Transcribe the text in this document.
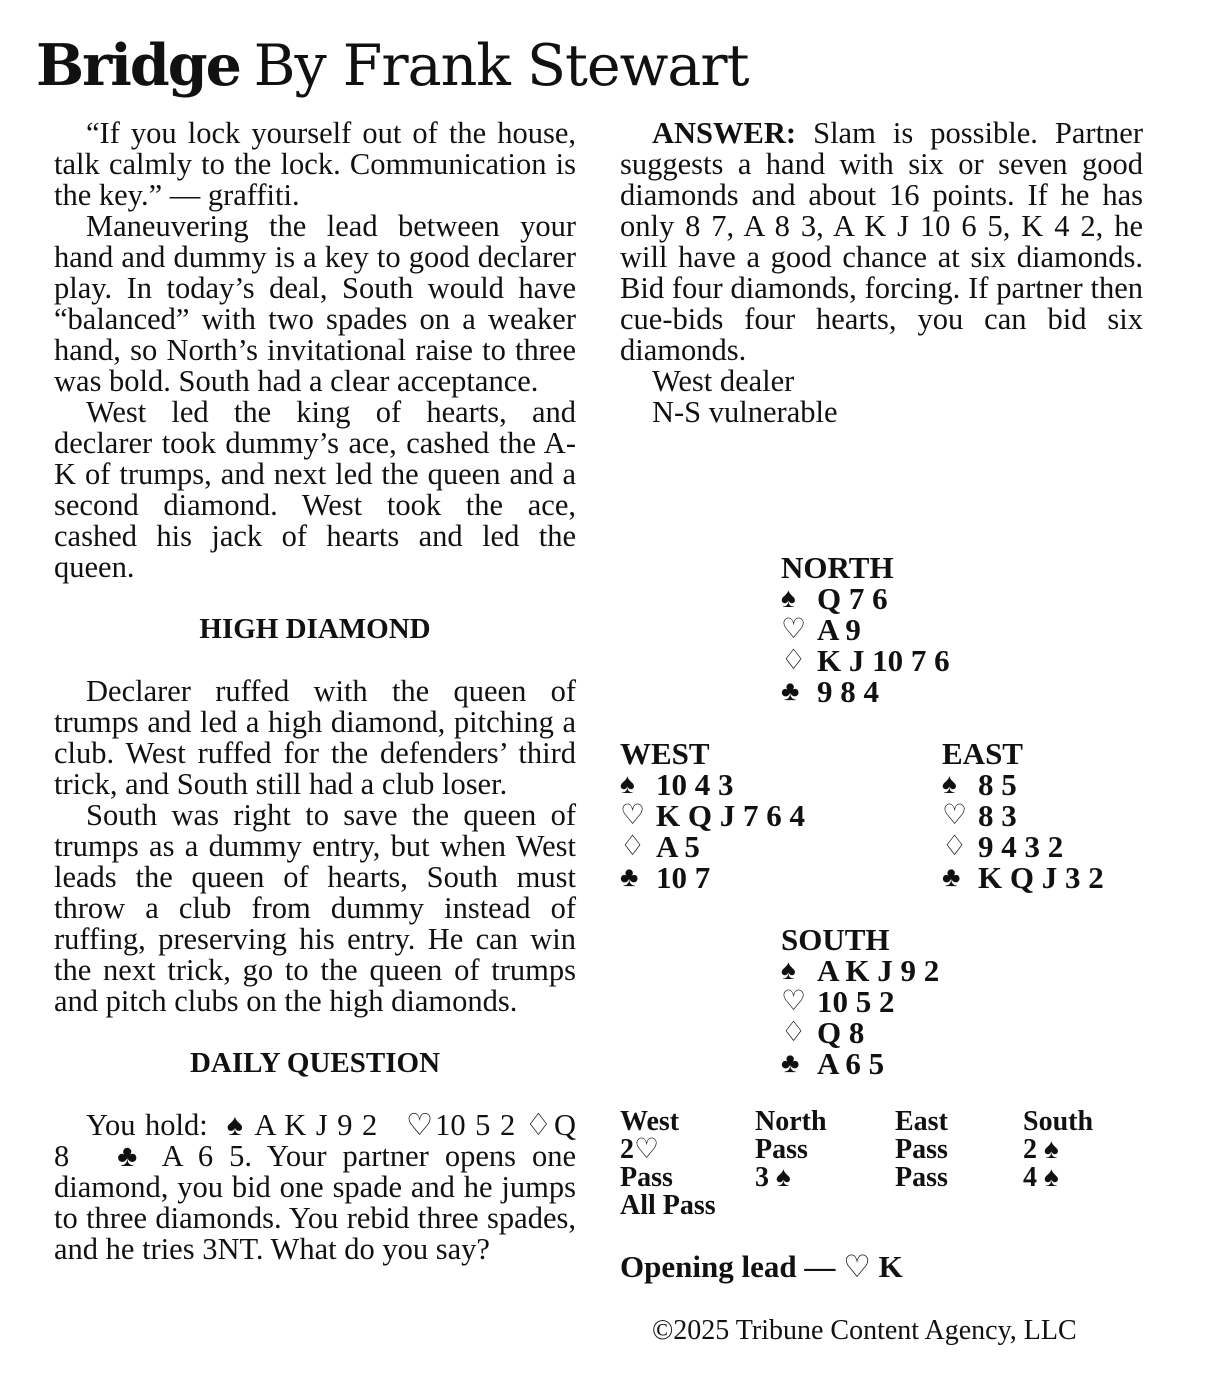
Bridge By Frank Stewart

“If you lock yourself out of the house, talk calmly to the lock. Communication is the key.” — graffiti.

Maneuvering the lead between your hand and dummy is a key to good declarer play. In today’s deal, South would have “balanced” with two spades on a weaker hand, so North’s invitational raise to three was bold. South had a clear acceptance.

West led the king of hearts, and declarer took dummy’s ace, cashed the A-K of trumps, and next led the queen and a second diamond. West took the ace, cashed his jack of hearts and led the queen.

HIGH DIAMOND

Declarer ruffed with the queen of trumps and led a high diamond, pitching a club. West ruffed for the defenders’ third trick, and South still had a club loser.

South was right to save the queen of trumps as a dummy entry, but when West leads the queen of hearts, South must throw a club from dummy instead of ruffing, preserving his entry. He can win the next trick, go to the queen of trumps and pitch clubs on the high diamonds.

DAILY QUESTION

You hold: ♠ A K J 9 2 ♡10 5 2 ♢Q 8 ♣ A 6 5. Your partner opens one diamond, you bid one spade and he jumps to three diamonds. You rebid three spades, and he tries 3NT. What do you say?

ANSWER: Slam is possible. Partner suggests a hand with six or seven good diamonds and about 16 points. If he has only 8 7, A 8 3, A K J 10 6 5, K 4 2, he will have a good chance at six diamonds. Bid four diamonds, forcing. If partner then cue-bids four hearts, you can bid six diamonds.

West dealer

N-S vulnerable

NORTH
♠ Q 7 6
♡ A 9
♢ K J 10 7 6
♣ 9 8 4
WEST
♠ 10 4 3
♡ K Q J 7 6 4
♢ A 5
♣ 10 7
EAST
♠ 8 5
♡ 8 3
♢ 9 4 3 2
♣ K Q J 3 2
SOUTH
♠ A K J 9 2
♡ 10 5 2
♢ Q 8
♣ A 6 5
West	North	East	South
2♡	Pass	Pass	2 ♠
Pass	3 ♠	Pass	4 ♠
All Pass			
Opening lead — ♡ K
©2025 Tribune Content Agency, LLC
